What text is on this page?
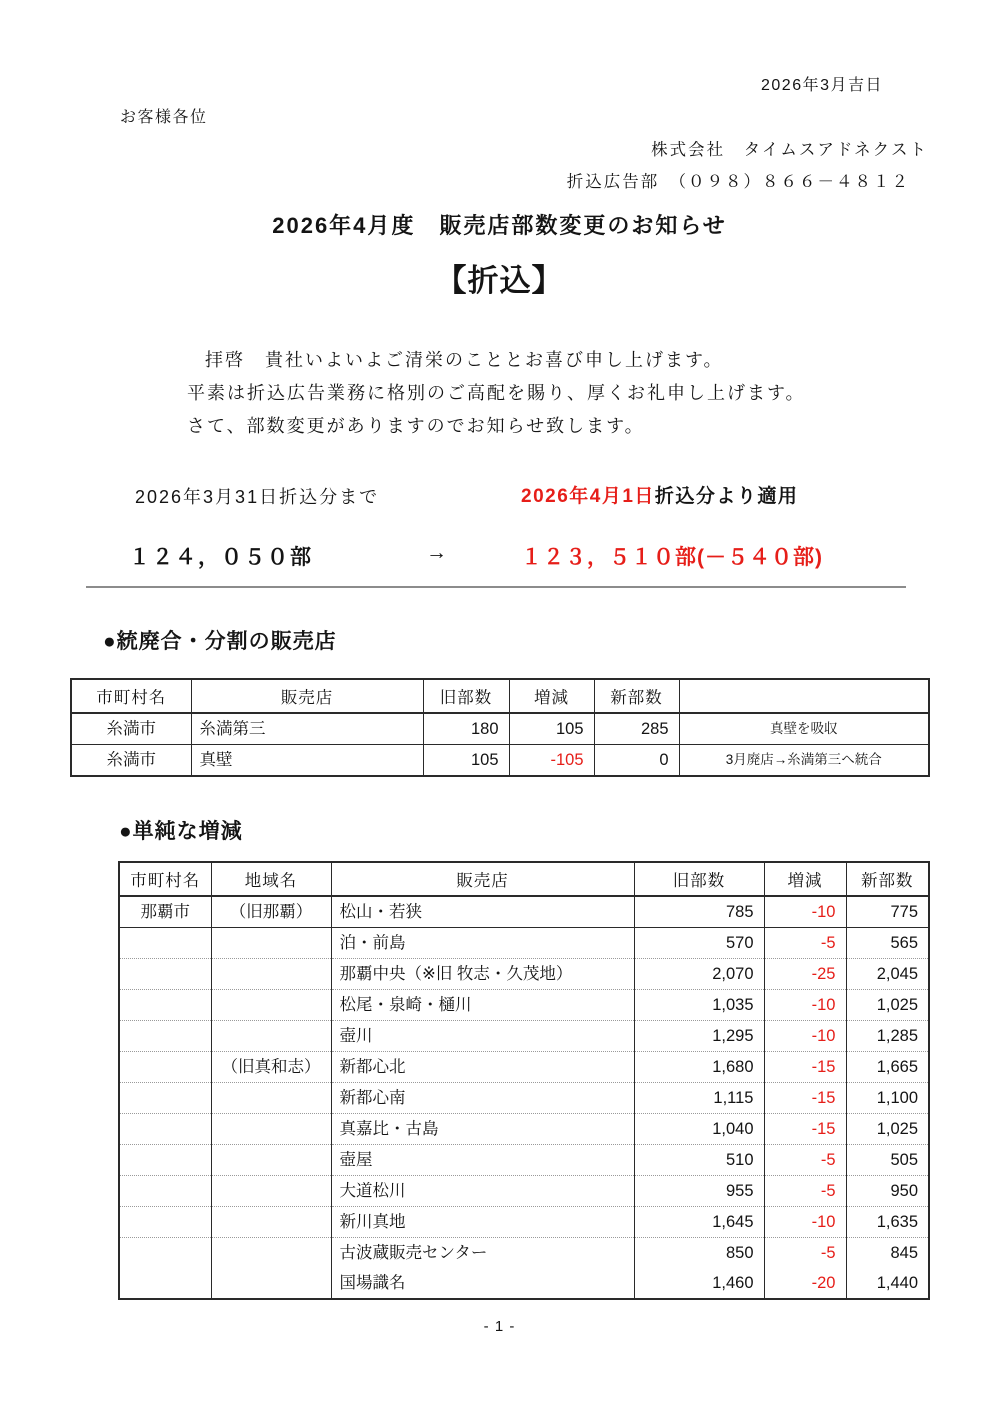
2026年3月吉日
お客様各位
株式会社　タイムスアドネクスト
折込広告部　（０９８）８６６－４８１２
2026年4月度　販売店部数変更のお知らせ
【折込】
拝啓　貴社いよいよご清栄のこととお喜び申し上げます。
平素は折込広告業務に格別のご高配を賜り、厚くお礼申し上げます。
さて、部数変更がありますのでお知らせ致します。
2026年3月31日折込分まで	2026年4月1日折込分より適用
１２４，０５０部	→	１２３，５１０部(－５４０部)
●統廃合・分割の販売店
市町村名	販売店	旧部数	増減	新部数	
糸満市	糸満第三	180	105	285	真壁を吸収
糸満市	真壁	105	-105	0	3月廃店→糸満第三へ統合
●単純な増減
市町村名	地域名	販売店	旧部数	増減	新部数
那覇市	（旧那覇）	松山・若狭	785	-10	775
		泊・前島	570	-5	565
		那覇中央（※旧 牧志・久茂地）	2,070	-25	2,045
		松尾・泉崎・樋川	1,035	-10	1,025
		壺川	1,295	-10	1,285
	（旧真和志）	新都心北	1,680	-15	1,665
		新都心南	1,115	-15	1,100
		真嘉比・古島	1,040	-15	1,025
		壺屋	510	-5	505
		大道松川	955	-5	950
		新川真地	1,645	-10	1,635
		古波蔵販売センター	850	-5	845
		国場識名	1,460	-20	1,440
- 1 -
